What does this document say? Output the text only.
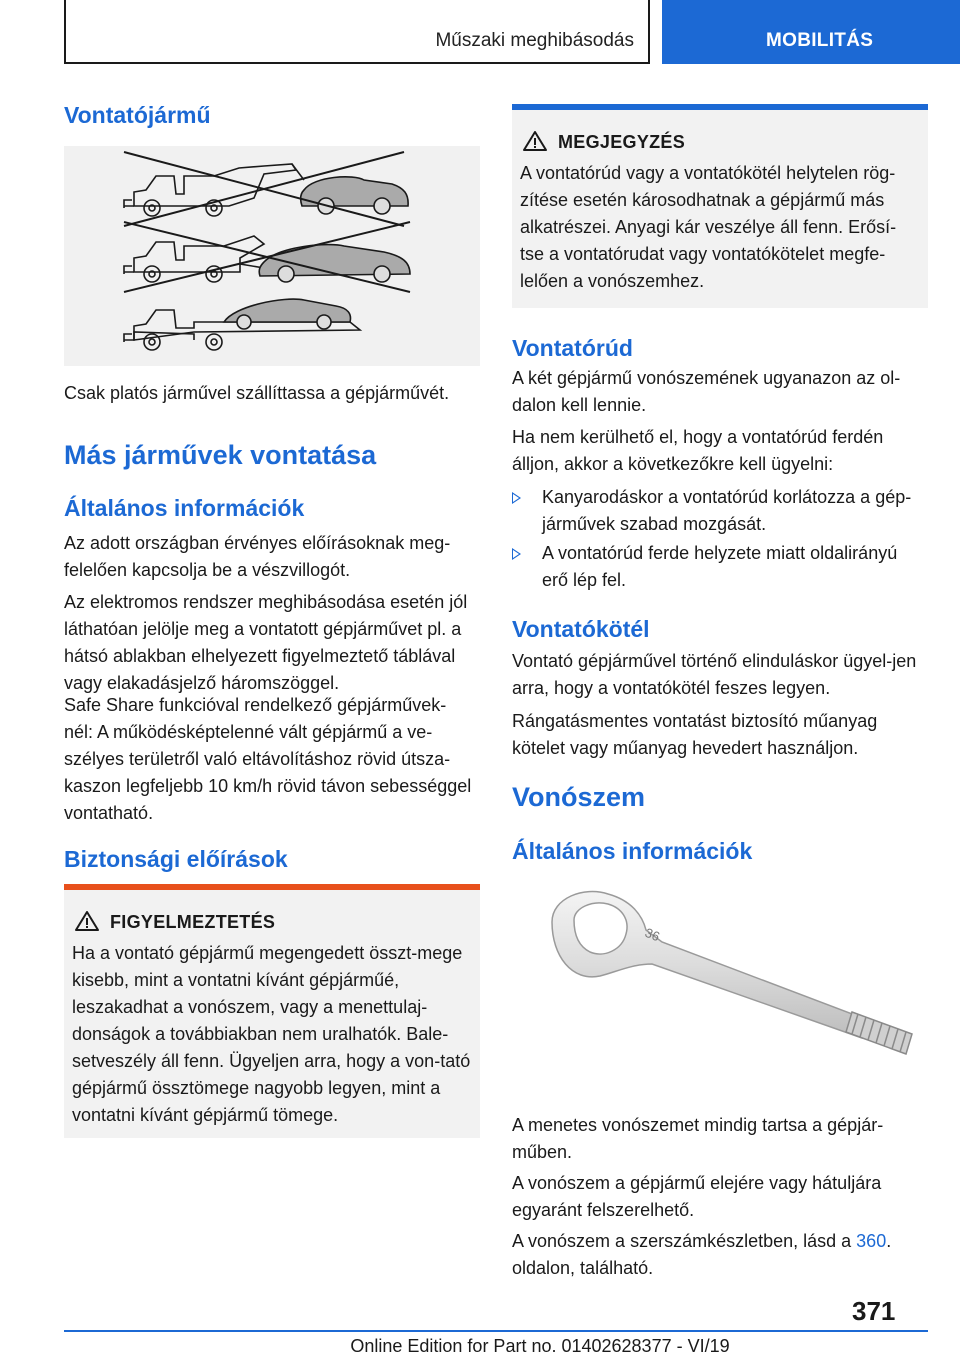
Műszaki meghibásodás	MOBILITÁS
Vontatójármű
Csak platós járművel szállíttassa a gépjárművét.
Más járművek vontatása
Általános információk
Az adott országban érvényes előírásoknak meg-felelően kapcsolja be a vészvillogót.
Az elektromos rendszer meghibásodása esetén jól láthatóan jelölje meg a vontatott gépjárművet pl. a hátsó ablakban elhelyezett figyelmeztető táblával vagy elakadásjelző háromszöggel.
Safe Share funkcióval rendelkező gépjárművek-nél: A működésképtelenné vált gépjármű a ve-szélyes területről való eltávolításhoz rövid útsza-kaszon legfeljebb 10 km/h rövid távon sebességgel vontatható.
Biztonsági előírások
FIGYELMEZTETÉS
Ha a vontató gépjármű megengedett összt-mege kisebb, mint a vontatni kívánt gépjárműé, leszakadhat a vonószem, vagy a menettulaj-donságok a továbbiakban nem uralhatók. Bale-setveszély áll fenn. Ügyeljen arra, hogy a von-tató gépjármű össztömege nagyobb legyen, mint a vontatni kívánt gépjármű tömege.
MEGJEGYZÉS
A vontatórúd vagy a vontatókötél helytelen rög-zítése esetén károsodhatnak a gépjármű más alkatrészei. Anyagi kár veszélye áll fenn. Erősí-tse a vontatórudat vagy vontatókötelet megfe-lelően a vonószemhez.
Vontatórúd
A két gépjármű vonószemének ugyanazon az ol-dalon kell lennie.
Ha nem kerülhető el, hogy a vontatórúd ferdén álljon, akkor a következőkre kell ügyelni:
Kanyarodáskor a vontatórúd korlátozza a gép-járművek szabad mozgását.
A vontatórúd ferde helyzete miatt oldalirányú erő lép fel.
Vontatókötél
Vontató gépjárművel történő elinduláskor ügyel-jen arra, hogy a vontatókötél feszes legyen.
Rángatásmentes vontatást biztosító műanyag kötelet vagy műanyag hevedert használjon.
Vonószem
Általános információk
36
A menetes vonószemet mindig tartsa a gépjár-műben.
A vonószem a gépjármű elejére vagy hátuljára egyaránt felszerelhető.
A vonószem a szerszámkészletben, lásd a 360.
oldalon, található.
371
Online Edition for Part no. 01402628377 - VI/19
